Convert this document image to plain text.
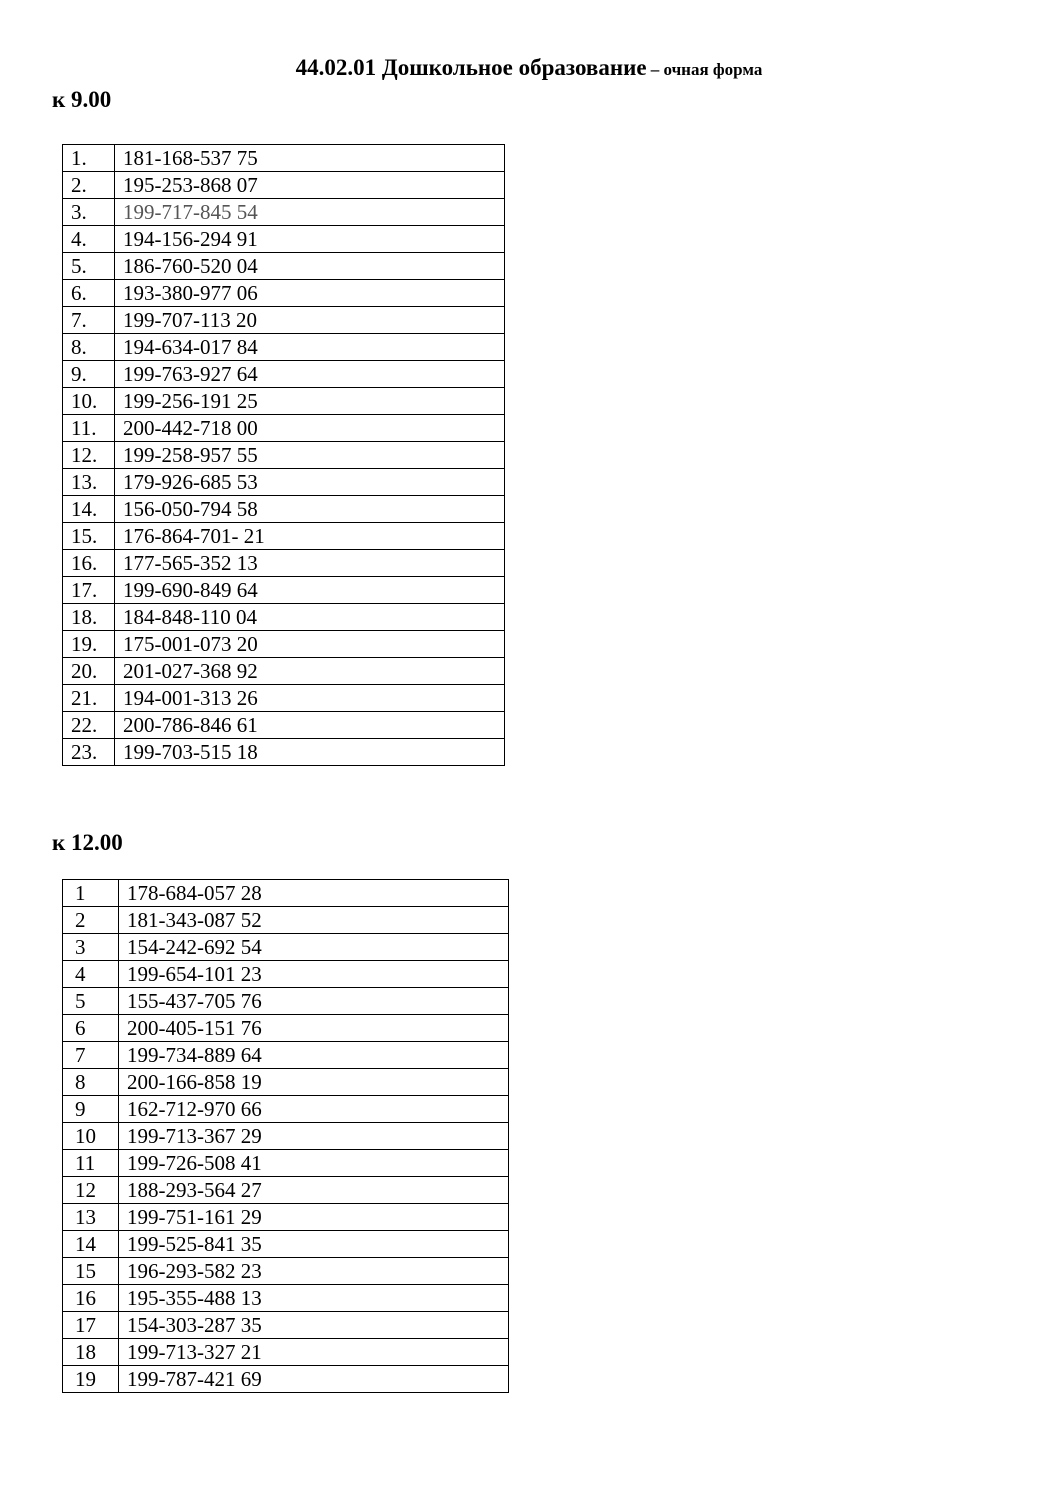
44.02.01 Дошкольное образование – очная форма
к 9.00
1.	181-168-537 75
2.	195-253-868 07
3.	199-717-845 54
4.	194-156-294 91
5.	186-760-520 04
6.	193-380-977 06
7.	199-707-113 20
8.	194-634-017 84
9.	199-763-927 64
10.	199-256-191 25
11.	200-442-718 00
12.	199-258-957 55
13.	179-926-685 53
14.	156-050-794 58
15.	176-864-701- 21
16.	177-565-352 13
17.	199-690-849 64
18.	184-848-110 04
19.	175-001-073 20
20.	201-027-368 92
21.	194-001-313 26
22.	200-786-846 61
23.	199-703-515 18
к 12.00
1	178-684-057 28
2	181-343-087 52
3	154-242-692 54
4	199-654-101 23
5	155-437-705 76
6	200-405-151 76
7	199-734-889 64
8	200-166-858 19
9	162-712-970 66
10	199-713-367 29
11	199-726-508 41
12	188-293-564 27
13	199-751-161 29
14	199-525-841 35
15	196-293-582 23
16	195-355-488 13
17	154-303-287 35
18	199-713-327 21
19	199-787-421 69
